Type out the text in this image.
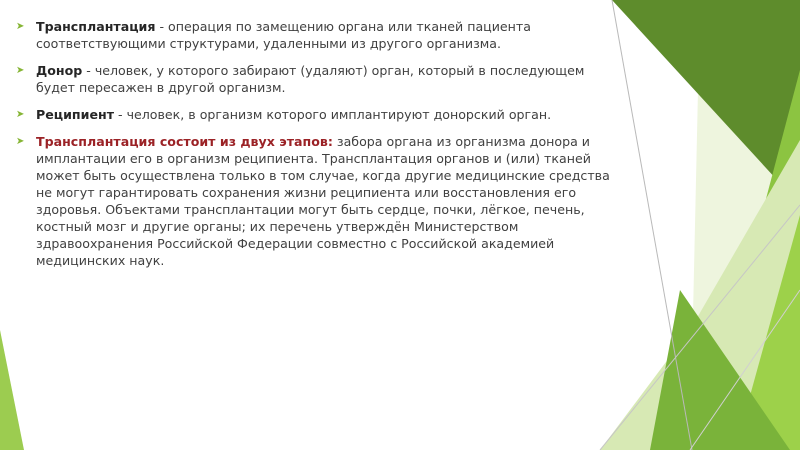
➤ Трансплантация - операция по замещению органа или тканей пациента соответствующими структурами, удаленными из другого организма.
➤ Донор - человек, у которого забирают (удаляют) орган, который в последующем будет пересажен в другой организм.
➤ Реципиент - человек, в организм которого имплантируют донорский орган.
➤ Трансплантация состоит из двух этапов: забора органа из организма донора и имплантации его в организм реципиента. Трансплантация органов и (или) тканей может быть осуществлена только в том случае, когда другие медицинские средства не могут гарантировать сохранения жизни реципиента или восстановления его здоровья. Объектами трансплантации могут быть сердце, почки, лёгкое, печень, костный мозг и другие органы; их перечень утверждён Министерством здравоохранения Российской Федерации совместно с Российской академией медицинских наук.
